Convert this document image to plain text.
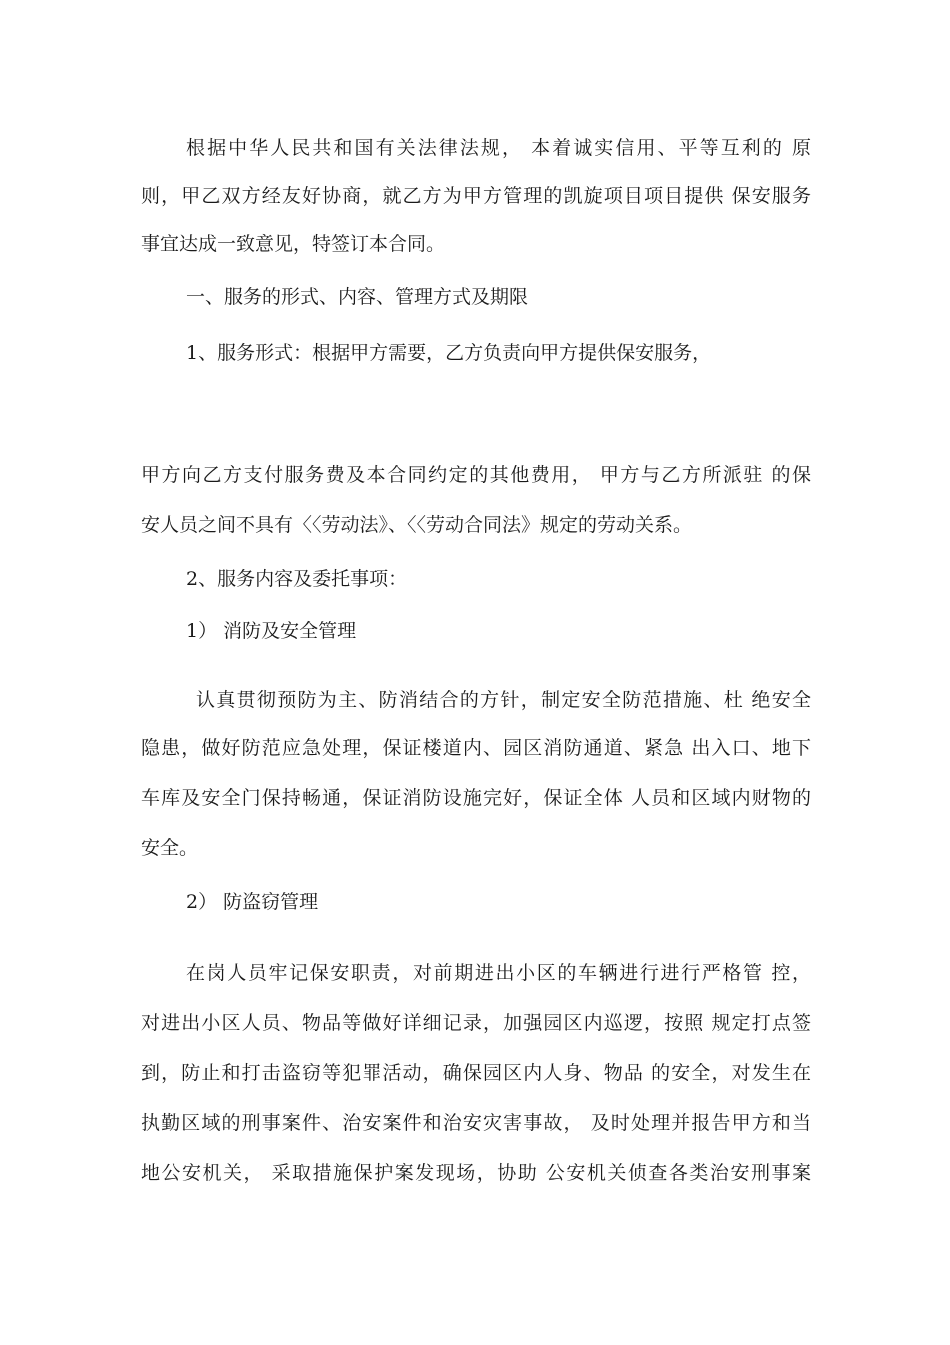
根据中华人民共和国有关法律法规， 本着诚实信用、平等互利的 原
则，甲乙双方经友好协商，就乙方为甲方管理的凯旋项目项目提供 保安服务
事宜达成一致意见，特签订本合同。
一、服务的形式、内容、管理方式及期限
1、服务形式：根据甲方需要，乙方负责向甲方提供保安服务，
甲方向乙方支付服务费及本合同约定的其他费用， 甲方与乙方所派驻 的保
安人员之间不具有〈〈劳动法》、〈〈劳动合同法》规定的劳动关系。
2、服务内容及委托事项：
1） 消防及安全管理
认真贯彻预防为主、防消结合的方针，制定安全防范措施、杜 绝安全
隐患，做好防范应急处理，保证楼道内、园区消防通道、紧急 出入口、地下
车库及安全门保持畅通，保证消防设施完好，保证全体 人员和区域内财物的
安全。
2） 防盗窃管理
在岗人员牢记保安职责，对前期进出小区的车辆进行进行严格管 控，
对进出小区人员、物品等做好详细记录，加强园区内巡逻，按照 规定打点签
到，防止和打击盗窃等犯罪活动，确保园区内人身、物品 的安全，对发生在
执勤区域的刑事案件、治安案件和治安灾害事故， 及时处理并报告甲方和当
地公安机关， 采取措施保护案发现场，协助 公安机关侦查各类治安刑事案
